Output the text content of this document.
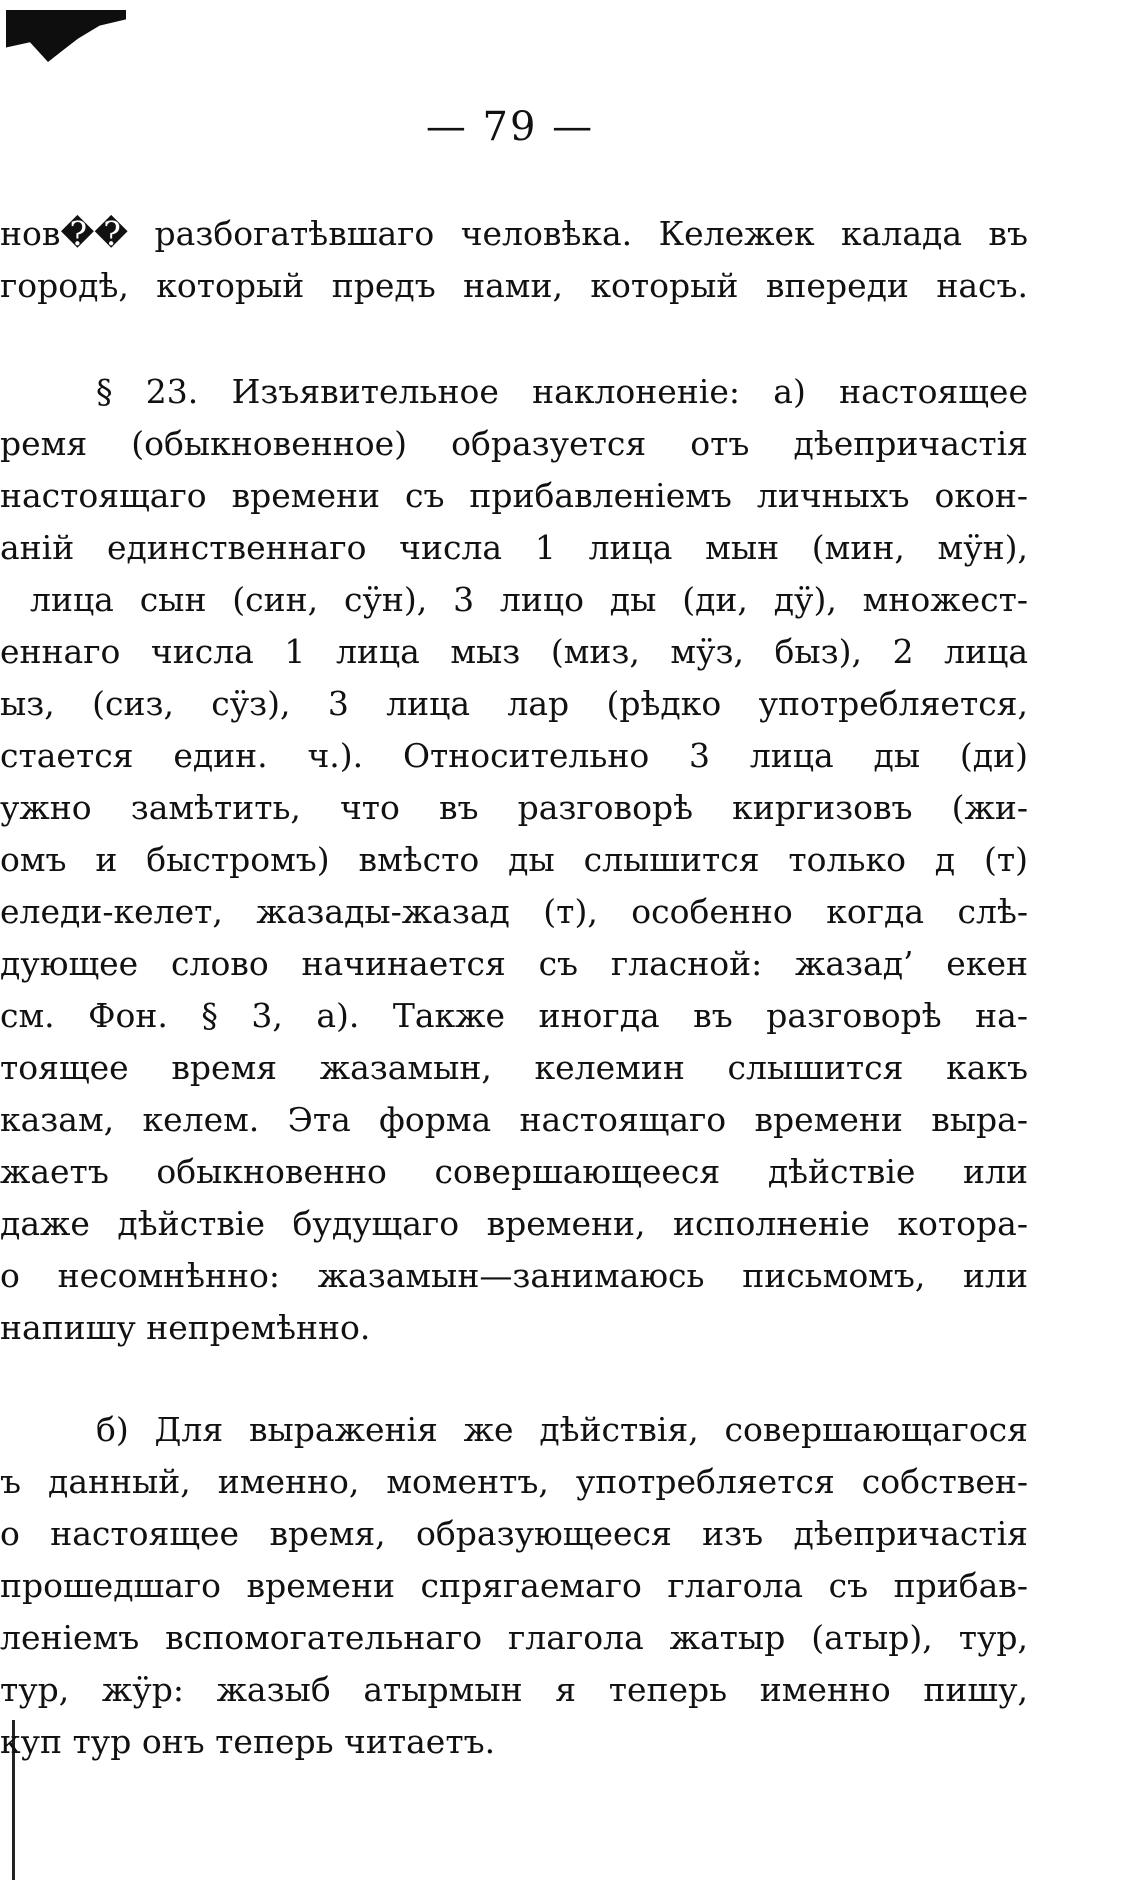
— 79 —
нов�� разбогатѣвшаго человѣка. Кележек калада въ
городѣ, который предъ нами, который впереди насъ.
§ 23. Изъявительное наклоненіе: а) настоящее
ремя (обыкновенное) образуется отъ дѣепричастія
настоящаго времени съ прибавленіемъ личныхъ окон-
аній единственнаго числа 1 лица мын (мин, мӱн),
лица сын (син, сӱн), 3 лицо ды (ди, дӱ), множест-
еннаго числа 1 лица мыз (миз, мӱз, быз), 2 лица
ыз, (сиз, сӱз), 3 лица лар (рѣдко употребляется,
стается един. ч.). Относительно 3 лица ды (ди)
ужно замѣтить, что въ разговорѣ киргизовъ (жи-
омъ и быстромъ) вмѣсто ды слышится только д (т)
еледи-келет, жазады-жазад (т), особенно когда слѣ-
дующее слово начинается съ гласной: жазад’ екен
см. Фон. § 3, а). Также иногда въ разговорѣ на-
тоящее время жазамын, келемин слышится какъ
казам, келем. Эта форма настоящаго времени выра-
жаетъ обыкновенно совершающееся дѣйствіе или
даже дѣйствіе будущаго времени, исполненіе котора-
о несомнѣнно: жазамын—занимаюсь письмомъ, или
напишу непремѣнно.
б) Для выраженія же дѣйствія, совершающагося
ъ данный, именно, моментъ, употребляется собствен-
о настоящее время, образующееся изъ дѣепричастія
прошедшаго времени спрягаемаго глагола съ прибав-
леніемъ вспомогательнаго глагола жатыр (атыр), тур,
тур, жӱр: жазыб атырмын я теперь именно пишу,
куп тур онъ теперь читаетъ.
